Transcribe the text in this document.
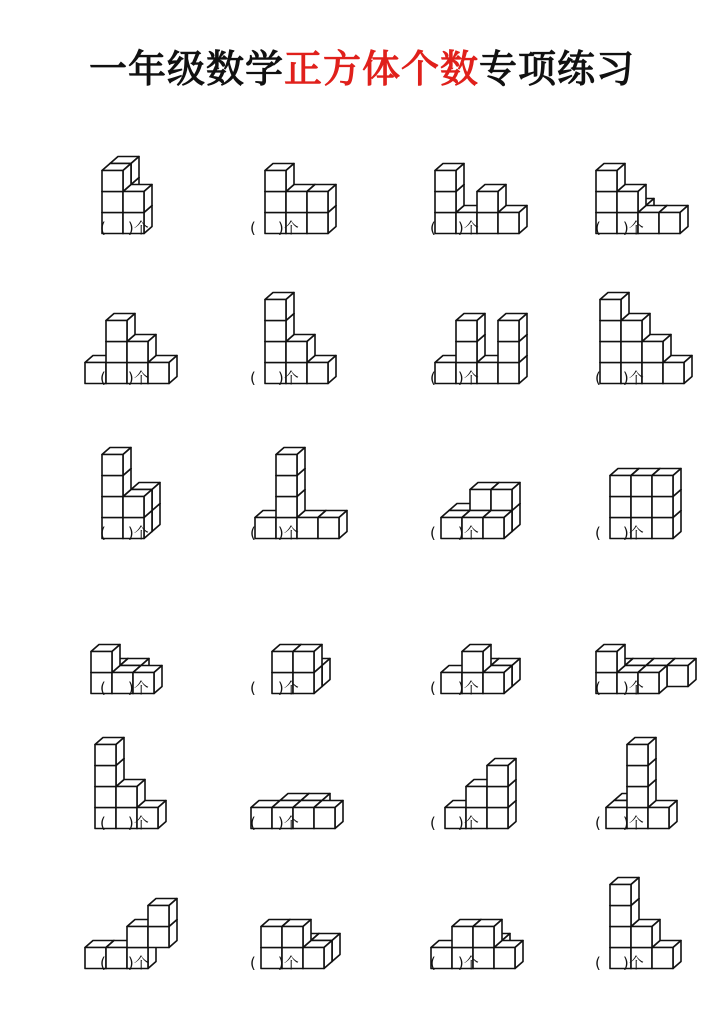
一年级数学正方体个数专项练习
( )个	( )个	( )个	( )个
( )个	( )个	( )个	( )个
( )个	( )个	( )个	( )个
( )个	( )个	( )个	( )个
( )个	( )个	( )个	( )个
( )个	( )个	( )个	( )个
